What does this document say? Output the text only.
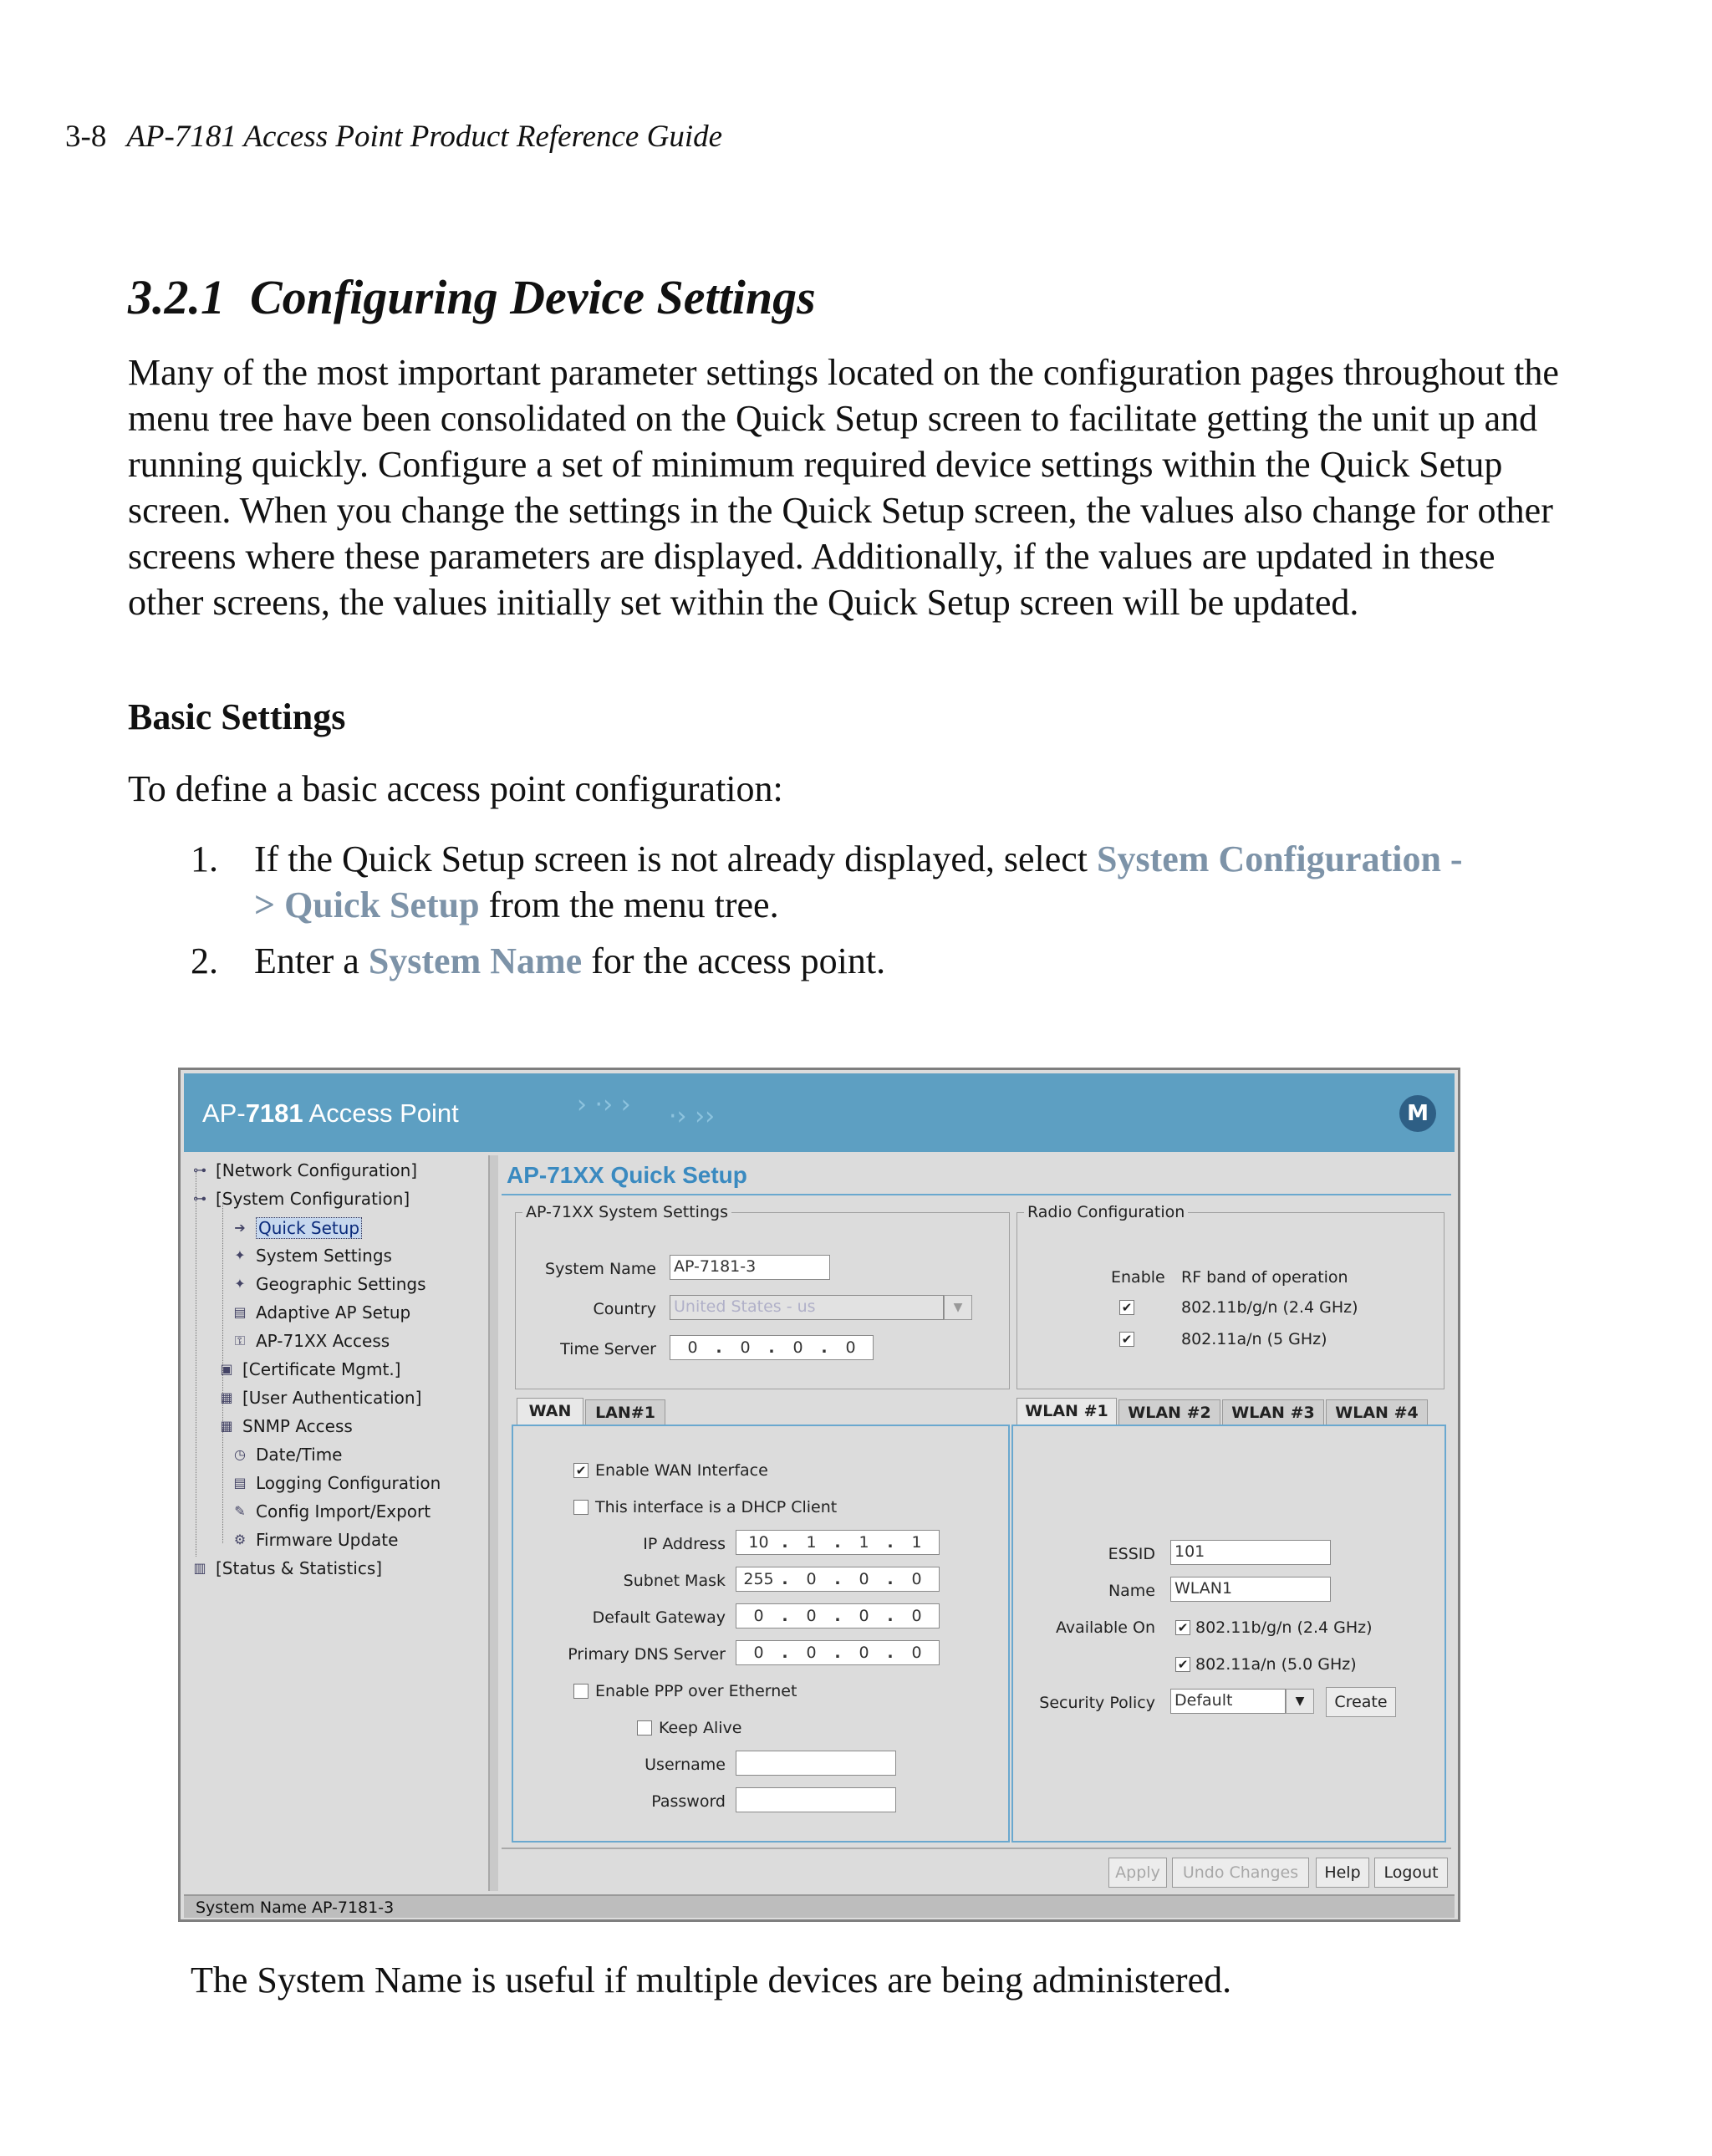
3-8 AP-7181 Access Point Product Reference Guide
3.2.1 Configuring Device Settings
Many of the most important parameter settings located on the configuration pages throughout the menu tree have been consolidated on the Quick Setup screen to facilitate getting the unit up and running quickly. Configure a set of minimum required device settings within the Quick Setup screen. When you change the settings in the Quick Setup screen, the values also change for other screens where these parameters are displayed. Additionally, if the values are updated in these other screens, the values initially set within the Quick Setup screen will be updated.
Basic Settings
To define a basic access point configuration:
1. If the Quick Setup screen is not already displayed, select System Configuration -
> Quick Setup from the menu tree.
2. Enter a System Name for the access point.
AP-7181 Access Point	› ·› › ·› ››	M
⊶ [Network Configuration]
⊶ [System Configuration]
➔ Quick Setup
✦ System Settings
✦ Geographic Settings
▤ Adaptive AP Setup
⚿ AP-71XX Access
▣ [Certificate Mgmt.]
▦ [User Authentication]
▦ SNMP Access
◷ Date/Time
▤ Logging Configuration
✎ Config Import/Export
⚙ Firmware Update
▥ [Status & Statistics]
AP-71XX Quick Setup
AP-71XX System Settings
System Name AP-7181-3
Country United States - us	▼
Time Server	0	.	0	.	0	.	0
Radio Configuration
Enable RF band of operation
✔	802.11b/g/n (2.4 GHz)
✔	802.11a/n (5 GHz)
WAN	LAN#1
✔ Enable WAN Interface
This interface is a DHCP Client
IP Address	10 .	1	.	1	.	1
Subnet Mask	255 .	0	.	0	.	0
Default Gateway	0	.	0	.	0	.	0
Primary DNS Server	0	.	0	.	0	.	0
Enable PPP over Ethernet
Keep Alive
Username
Password
WLAN #1	WLAN #2	WLAN #3	WLAN #4
ESSID 101
Name WLAN1
Available On ✔ 802.11b/g/n (2.4 GHz)
✔ 802.11a/n (5.0 GHz)
Security Policy Default	▼	Create
Apply	Undo Changes	Help	Logout
System Name AP-7181-3
The System Name is useful if multiple devices are being administered.
